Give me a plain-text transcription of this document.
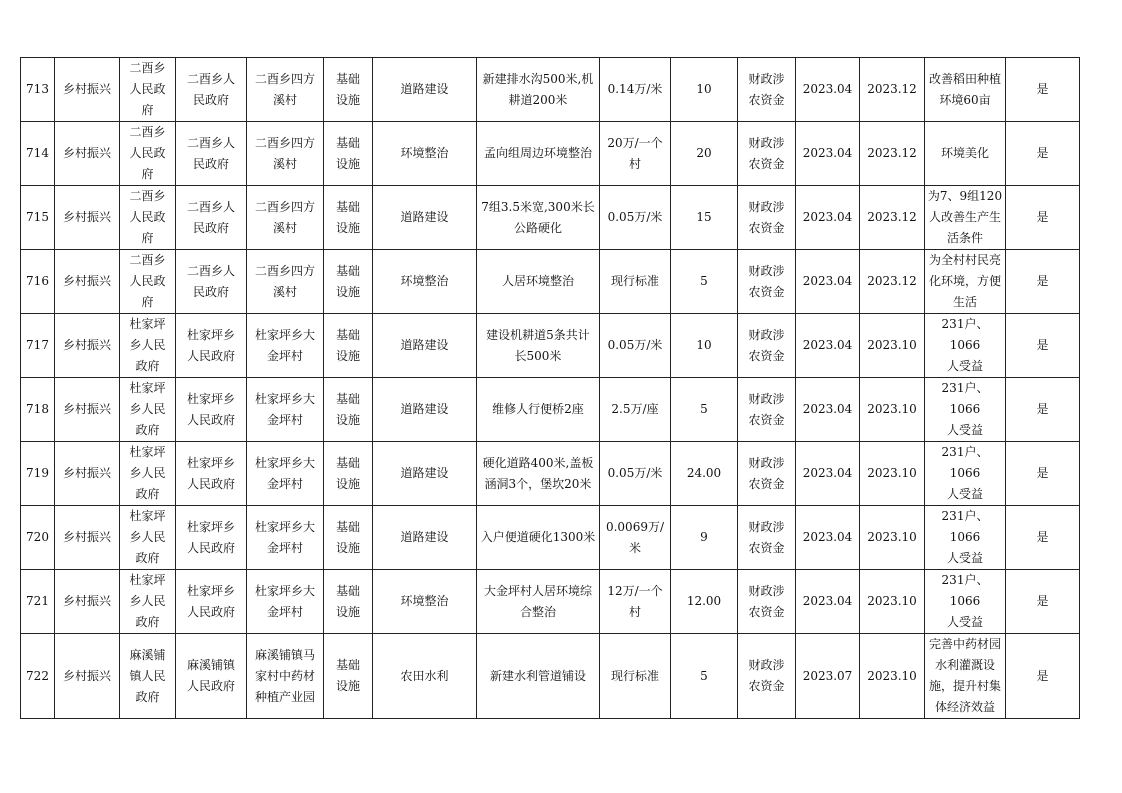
713	乡村振兴	二酉乡
人民政
府	二酉乡人
民政府	二酉乡四方
溪村	基础
设施	道路建设	新建排水沟500米,机
耕道200米	0.14万/米	10	财政涉
农资金	2023.04	2023.12	改善稻田种植
环境60亩	是
714	乡村振兴	二酉乡
人民政
府	二酉乡人
民政府	二酉乡四方
溪村	基础
设施	环境整治	孟向组周边环境整治	20万/一个
村	20	财政涉
农资金	2023.04	2023.12	环境美化	是
715	乡村振兴	二酉乡
人民政
府	二酉乡人
民政府	二酉乡四方
溪村	基础
设施	道路建设	7组3.5米宽,300米长
公路硬化	0.05万/米	15	财政涉
农资金	2023.04	2023.12	为7、9组120
人改善生产生
活条件	是
716	乡村振兴	二酉乡
人民政
府	二酉乡人
民政府	二酉乡四方
溪村	基础
设施	环境整治	人居环境整治	现行标准	5	财政涉
农资金	2023.04	2023.12	为全村村民亮
化环境，方便
生活	是
717	乡村振兴	杜家坪
乡人民
政府	杜家坪乡
人民政府	杜家坪乡大
金坪村	基础
设施	道路建设	建设机耕道5条共计
长500米	0.05万/米	10	财政涉
农资金	2023.04	2023.10	231户、1066
人受益	是
718	乡村振兴	杜家坪
乡人民
政府	杜家坪乡
人民政府	杜家坪乡大
金坪村	基础
设施	道路建设	维修人行便桥2座	2.5万/座	5	财政涉
农资金	2023.04	2023.10	231户、1066
人受益	是
719	乡村振兴	杜家坪
乡人民
政府	杜家坪乡
人民政府	杜家坪乡大
金坪村	基础
设施	道路建设	硬化道路400米,盖板
涵洞3个，堡坎20米	0.05万/米	24.00	财政涉
农资金	2023.04	2023.10	231户、1066
人受益	是
720	乡村振兴	杜家坪
乡人民
政府	杜家坪乡
人民政府	杜家坪乡大
金坪村	基础
设施	道路建设	入户便道硬化1300米	0.0069万/
米	9	财政涉
农资金	2023.04	2023.10	231户、1066
人受益	是
721	乡村振兴	杜家坪
乡人民
政府	杜家坪乡
人民政府	杜家坪乡大
金坪村	基础
设施	环境整治	大金坪村人居环境综
合整治	12万/一个
村	12.00	财政涉
农资金	2023.04	2023.10	231户、1066
人受益	是
722	乡村振兴	麻溪铺
镇人民
政府	麻溪铺镇
人民政府	麻溪铺镇马
家村中药材
种植产业园	基础
设施	农田水利	新建水利管道铺设	现行标准	5	财政涉
农资金	2023.07	2023.10	完善中药材园
水利灌溉设
施，提升村集
体经济效益	是
